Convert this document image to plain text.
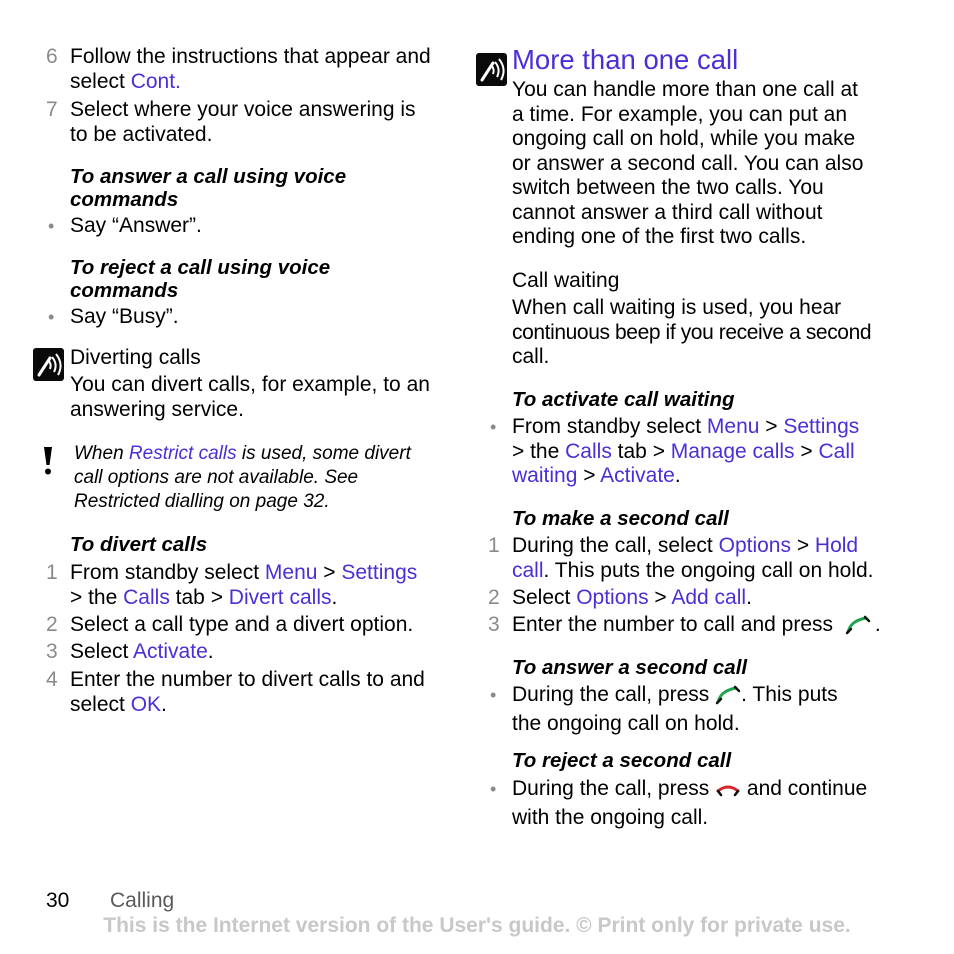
6 Follow the instructions that appear and
select Cont.
7 Select where your voice answering is
to be activated.
To answer a call using voice
commands
• Say “Answer”.
To reject a call using voice
commands
• Say “Busy”.
Diverting calls
You can divert calls, for example, to an
answering service.
When Restrict calls is used, some divert
call options are not available. See
Restricted dialling on page 32.
To divert calls
1 From standby select Menu > Settings
> the Calls tab > Divert calls.
2 Select a call type and a divert option.
3 Select Activate.
4 Enter the number to divert calls to and
select OK.
More than one call
You can handle more than one call at
a time. For example, you can put an
ongoing call on hold, while you make
or answer a second call. You can also
switch between the two calls. You
cannot answer a third call without
ending one of the first two calls.
Call waiting
When call waiting is used, you hear
continuous beep if you receive a second
call.
To activate call waiting
• From standby select Menu > Settings
> the Calls tab > Manage calls > Call
waiting > Activate.
To make a second call
1 During the call, select Options > Hold
call. This puts the ongoing call on hold.
2 Select Options > Add call.
3 Enter the number to call and press .
To answer a second call
• During the call, press . This puts
the ongoing call on hold.
To reject a second call
• During the call, press  and continue
with the ongoing call.
30 Calling
This is the Internet version of the User's guide. © Print only for private use.
